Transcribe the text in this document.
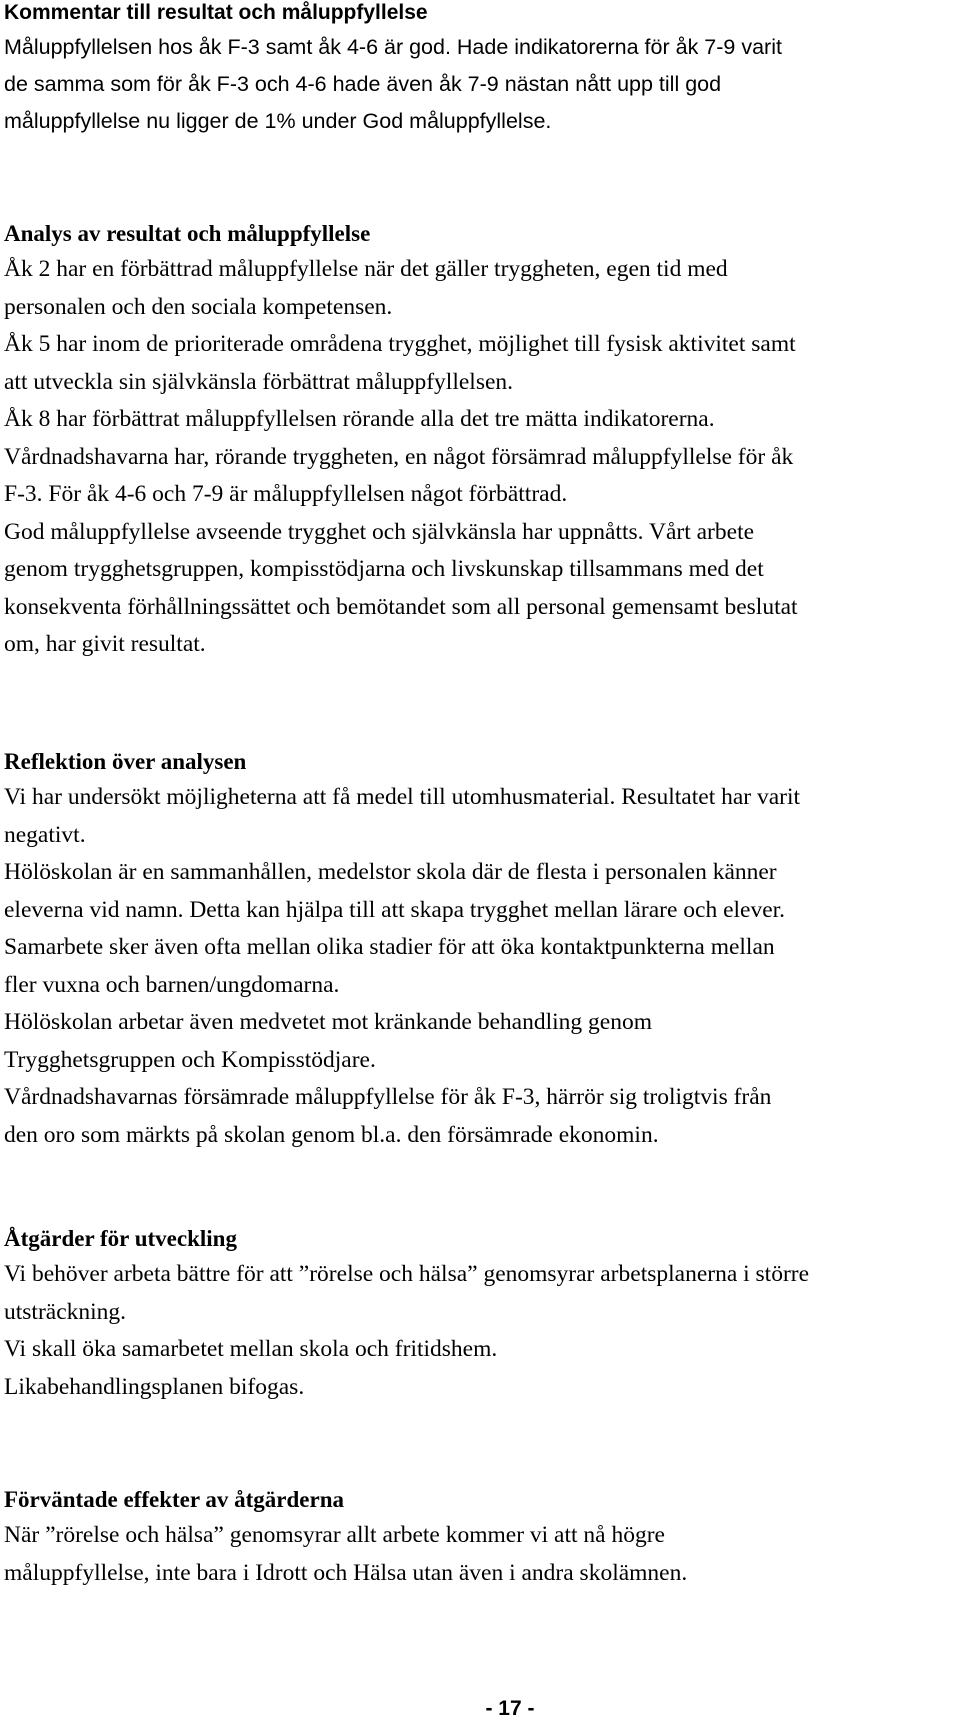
Kommentar till resultat och måluppfyllelse

Måluppfyllelsen hos åk F-3 samt åk 4-6 är god. Hade indikatorerna för åk 7-9 varit

de samma som för åk F-3 och 4-6 hade även åk 7-9 nästan nått upp till god

måluppfyllelse nu ligger de 1% under God måluppfyllelse.

Analys av resultat och måluppfyllelse

Åk 2 har en förbättrad måluppfyllelse när det gäller tryggheten, egen tid med

personalen och den sociala kompetensen.

Åk 5 har inom de prioriterade områdena trygghet, möjlighet till fysisk aktivitet samt

att utveckla sin självkänsla förbättrat måluppfyllelsen.

Åk 8 har förbättrat måluppfyllelsen rörande alla det tre mätta indikatorerna.

Vårdnadshavarna har, rörande tryggheten, en något försämrad måluppfyllelse för åk

F-3. För åk 4-6 och 7-9 är måluppfyllelsen något förbättrad.

God måluppfyllelse avseende trygghet och självkänsla har uppnåtts. Vårt arbete

genom trygghetsgruppen, kompisstödjarna och livskunskap tillsammans med det

konsekventa förhållningssättet och bemötandet som all personal gemensamt beslutat

om, har givit resultat.

Reflektion över analysen

Vi har undersökt möjligheterna att få medel till utomhusmaterial. Resultatet har varit

negativt.

Hölöskolan är en sammanhållen, medelstor skola där de flesta i personalen känner

eleverna vid namn. Detta kan hjälpa till att skapa trygghet mellan lärare och elever.

Samarbete sker även ofta mellan olika stadier för att öka kontaktpunkterna mellan

fler vuxna och barnen/ungdomarna.

Hölöskolan arbetar även medvetet mot kränkande behandling genom

Trygghetsgruppen och Kompisstödjare.

Vårdnadshavarnas försämrade måluppfyllelse för åk F-3, härrör sig troligtvis från

den oro som märkts på skolan genom bl.a. den försämrade ekonomin.

Åtgärder för utveckling

Vi behöver arbeta bättre för att ”rörelse och hälsa” genomsyrar arbetsplanerna i större

utsträckning.

Vi skall öka samarbetet mellan skola och fritidshem.

Likabehandlingsplanen bifogas.

Förväntade effekter av åtgärderna

När ”rörelse och hälsa” genomsyrar allt arbete kommer vi att nå högre

måluppfyllelse, inte bara i Idrott och Hälsa utan även i andra skolämnen.

- 17 -
